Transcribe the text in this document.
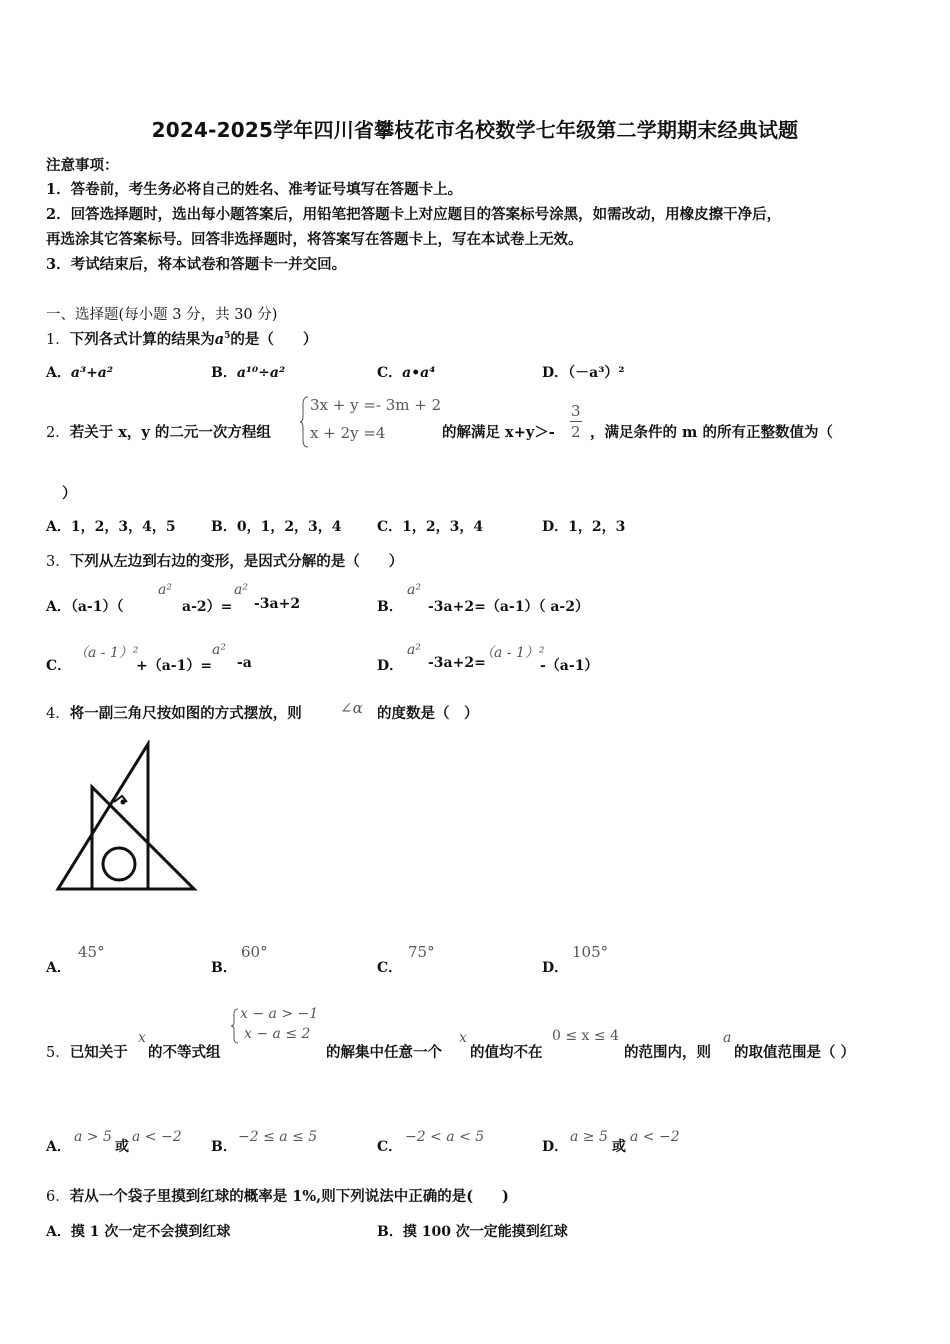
2024-2025学年四川省攀枝花市名校数学七年级第二学期期末经典试题
注意事项：
1．答卷前，考生务必将自己的姓名、准考证号填写在答题卡上。
2．回答选择题时，选出每小题答案后，用铅笔把答题卡上对应题目的答案标号涂黑，如需改动，用橡皮擦干净后，
再选涂其它答案标号。回答非选择题时，将答案写在答题卡上，写在本试卷上无效。
3．考试结束后，将本试卷和答题卡一并交回。
一、选择题(每小题 3 分，共 30 分)
1．下列各式计算的结果为$a^5$的是（　　）
A．a³+a²	B．a¹⁰÷a²	C．a•a⁴	D．（－a³）²
2．若关于 x，y 的二元一次方程组
3x + y =- 3m + 2
x + 2y =4	的解满足 $x+y>- \frac{3}{2}$ ，满足条件的 m 的所有正整数值为（
）
A．1，2，3，4，5	B．0，1，2，3，4	C．1，2，3，4	D．1，2，3
3．下列从左边到右边的变形，是因式分解的是（　　）
A．（a-1）（
a²
a-2）=
a²
-3a+2	B．
a²
-3a+2=（a-1）（ a-2）
C．
（a - 1）²
+（a-1）=
a²
-a	D．
a²
-3a+2=
（a - 1）²
-（a-1）
4．将一副三角尺按如图的方式摆放，则	∠α 的度数是（　）
A．
45°
B．
60°
C．
75°
D．
105°
5．已知关于
x
的不等式组
x − a > −1
x − a ≤ 2
的解集中任意一个
x
的值均不在
0 ≤ x ≤ 4
的范围内，则
a
的取值范围是（ ）
A．
a > 5
或
a < −2
B．
−2 ≤ a ≤ 5
C．
−2 < a < 5
D．
a ≥ 5
或
a < −2
6．若从一个袋子里摸到红球的概率是 1%,则下列说法中正确的是(　　)
A．摸 1 次一定不会摸到红球	B．摸 100 次一定能摸到红球
